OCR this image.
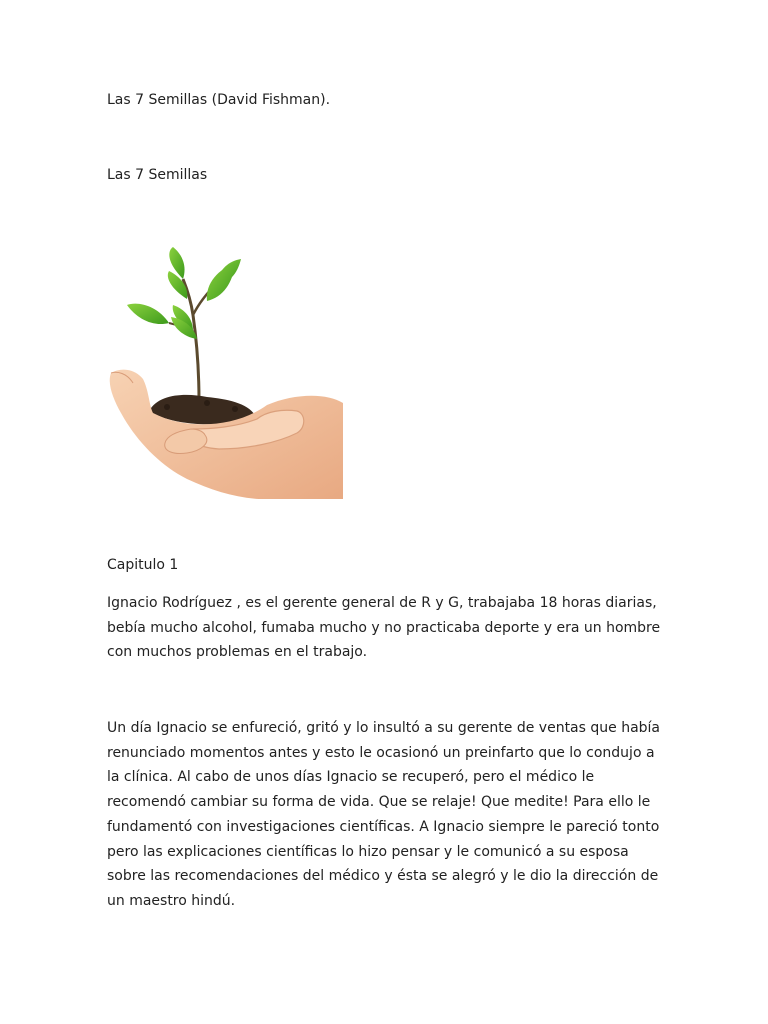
Las 7 Semillas (David Fishman).
Las 7 Semillas
Capitulo 1

Ignacio Rodríguez , es el gerente general de R y G, trabajaba 18 horas diarias,
bebía mucho alcohol, fumaba mucho y no practicaba deporte y era un hombre
con muchos problemas en el trabajo.

Un día Ignacio se enfureció, gritó y lo insultó a su gerente de ventas que había
renunciado momentos antes y esto le ocasionó un preinfarto que lo condujo a
la clínica. Al cabo de unos días Ignacio se recuperó, pero el médico le
recomendó cambiar su forma de vida. Que se relaje! Que medite! Para ello le
fundamentó con investigaciones científicas. A Ignacio siempre le pareció tonto
pero las explicaciones científicas lo hizo pensar y le comunicó a su esposa
sobre las recomendaciones del médico y ésta se alegró y le dio la dirección de
un maestro hindú.
